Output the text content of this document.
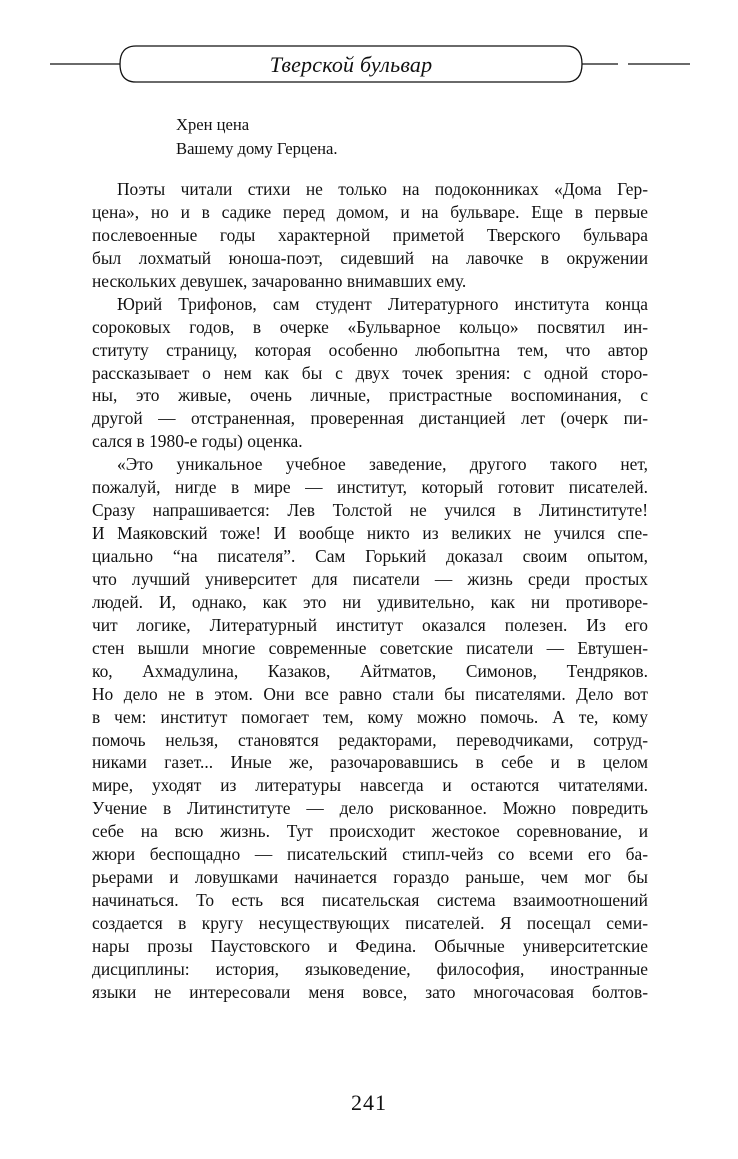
Тверской бульвар
Хрен цена
Вашему дому Герцена.
Поэты читали стихи не только на подоконниках «Дома Гер-
цена», но и в садике перед домом, и на бульваре. Еще в первые
послевоенные годы характерной приметой Тверского бульвара
был лохматый юноша-поэт, сидевший на лавочке в окружении
нескольких девушек, зачарованно внимавших ему.
Юрий Трифонов, сам студент Литературного института конца
сороковых годов, в очерке «Бульварное кольцо» посвятил ин-
ституту страницу, которая особенно любопытна тем, что автор
рассказывает о нем как бы с двух точек зрения: с одной сторо-
ны, это живые, очень личные, пристрастные воспоминания, с
другой — отстраненная, проверенная дистанцией лет (очерк пи-
сался в 1980-е годы) оценка.
«Это уникальное учебное заведение, другого такого нет,
пожалуй, нигде в мире — институт, который готовит писателей.
Сразу напрашивается: Лев Толстой не учился в Литинституте!
И Маяковский тоже! И вообще никто из великих не учился спе-
циально “на писателя”. Сам Горький доказал своим опытом,
что лучший университет для писатели — жизнь среди простых
людей. И, однако, как это ни удивительно, как ни противоре-
чит логике, Литературный институт оказался полезен. Из его
стен вышли многие современные советские писатели — Евтушен-
ко, Ахмадулина, Казаков, Айтматов, Симонов, Тендряков.
Но дело не в этом. Они все равно стали бы писателями. Дело вот
в чем: институт помогает тем, кому можно помочь. А те, кому
помочь нельзя, становятся редакторами, переводчиками, сотруд-
никами газет... Иные же, разочаровавшись в себе и в целом
мире, уходят из литературы навсегда и остаются читателями.
Учение в Литинституте — дело рискованное. Можно повредить
себе на всю жизнь. Тут происходит жестокое соревнование, и
жюри беспощадно — писательский стипл-чейз со всеми его ба-
рьерами и ловушками начинается гораздо раньше, чем мог бы
начинаться. То есть вся писательская система взаимоотношений
создается в кругу несуществующих писателей. Я посещал семи-
нары прозы Паустовского и Федина. Обычные университетские
дисциплины: история, языковедение, философия, иностранные
языки не интересовали меня вовсе, зато многочасовая болтов-
241
